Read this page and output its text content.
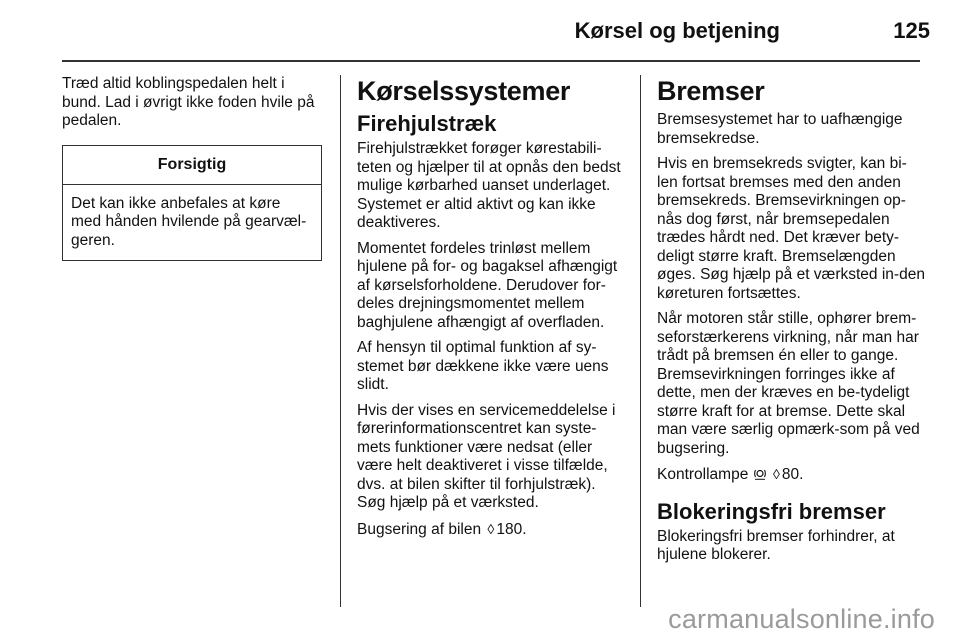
Kørsel og betjening	125

Træd altid koblingspedalen helt i bund. Lad i øvrigt ikke foden hvile på pedalen.

Forsigtig

Det kan ikke anbefales at køre med hånden hvilende på gearvæl-geren.

Kørselssystemer
Firehjulstræk

Firehjulstrækket forøger kørestabili-teten og hjælper til at opnås den bedst mulige kørbarhed uanset underlaget. Systemet er altid aktivt og kan ikke deaktiveres.

Momentet fordeles trinløst mellem hjulene på for- og bagaksel afhængigt af kørselsforholdene. Derudover for-deles drejningsmomentet mellem baghjulene afhængigt af overfladen.

Af hensyn til optimal funktion af sy-stemet bør dækkene ikke være uens slidt.

Hvis der vises en servicemeddelelse i førerinformationscentret kan syste-mets funktioner være nedsat (eller være helt deaktiveret i visse tilfælde, dvs. at bilen skifter til forhjulstræk). Søg hjælp på et værksted.

Bugsering af bilen ◊ 180.

Bremser

Bremsesystemet har to uafhængige bremsekredse.

Hvis en bremsekreds svigter, kan bi-len fortsat bremses med den anden bremsekreds. Bremsevirkningen op-nås dog først, når bremsepedalen trædes hårdt ned. Det kræver bety-deligt større kraft. Bremselængden øges. Søg hjælp på et værksted in-den køreturen fortsættes.

Når motoren står stille, ophører brem-seforstærkerens virkning, når man har trådt på bremsen én eller to gange. Bremsevirkningen forringes ikke af dette, men der kræves en be-tydeligt større kraft for at bremse. Dette skal man være særlig opmærk-som på ved bugsering.

Kontrollampe ◊ 80.

Blokeringsfri bremser

Blokeringsfri bremser forhindrer, at hjulene blokerer.

carmanualsonline.info
